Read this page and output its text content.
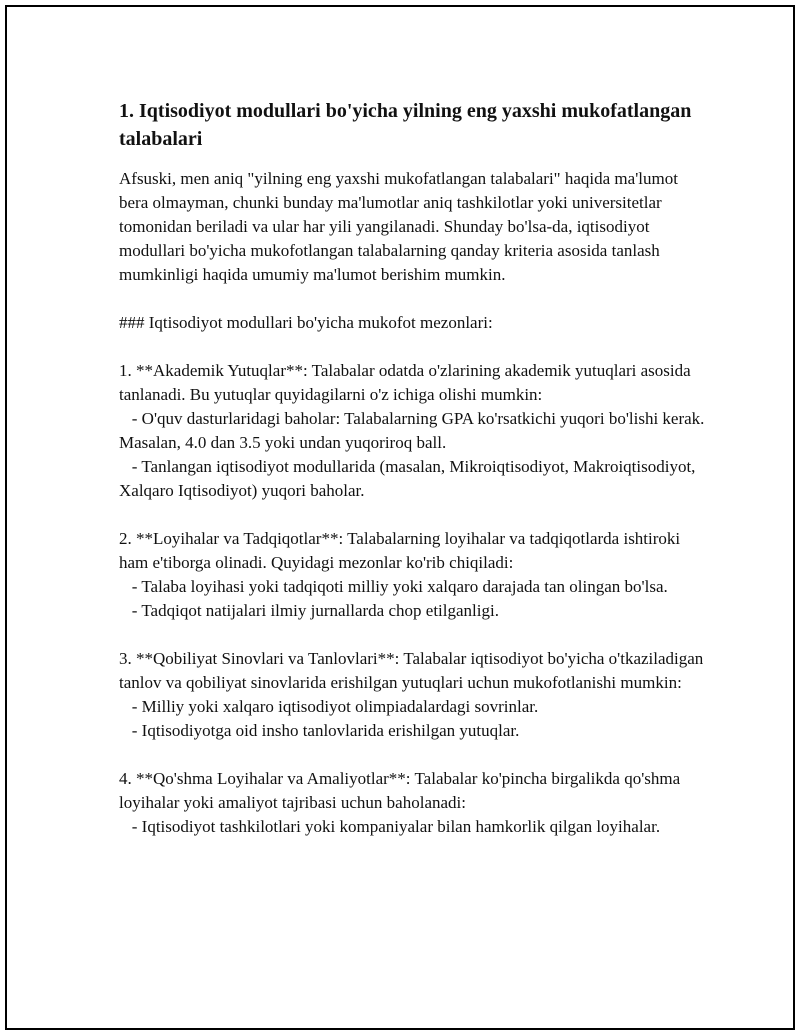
1. Iqtisodiyot modullari bo'yicha yilning eng yaxshi mukofatlangan talabalari

Afsuski, men aniq "yilning eng yaxshi mukofatlangan talabalari" haqida ma'lumot bera olmayman, chunki bunday ma'lumotlar aniq tashkilotlar yoki universitetlar tomonidan beriladi va ular har yili yangilanadi. Shunday bo'lsa-da, iqtisodiyot modullari bo'yicha mukofotlangan talabalarning qanday kriteria asosida tanlash mumkinligi haqida umumiy ma'lumot berishim mumkin.

### Iqtisodiyot modullari bo'yicha mukofot mezonlari:

1. **Akademik Yutuqlar**: Talabalar odatda o'zlarining akademik yutuqlari asosida tanlanadi. Bu yutuqlar quyidagilarni o'z ichiga olishi mumkin:
- O'quv dasturlaridagi baholar: Talabalarning GPA ko'rsatkichi yuqori bo'lishi kerak. Masalan, 4.0 dan 3.5 yoki undan yuqoriroq ball.
- Tanlangan iqtisodiyot modullarida (masalan, Mikroiqtisodiyot, Makroiqtisodiyot, Xalqaro Iqtisodiyot) yuqori baholar.

2. **Loyihalar va Tadqiqotlar**: Talabalarning loyihalar va tadqiqotlarda ishtiroki ham e'tiborga olinadi. Quyidagi mezonlar ko'rib chiqiladi:
- Talaba loyihasi yoki tadqiqoti milliy yoki xalqaro darajada tan olingan bo'lsa.
- Tadqiqot natijalari ilmiy jurnallarda chop etilganligi.

3. **Qobiliyat Sinovlari va Tanlovlari**: Talabalar iqtisodiyot bo'yicha o'tkaziladigan tanlov va qobiliyat sinovlarida erishilgan yutuqlari uchun mukofotlanishi mumkin:
- Milliy yoki xalqaro iqtisodiyot olimpiadalardagi sovrinlar.
- Iqtisodiyotga oid insho tanlovlarida erishilgan yutuqlar.

4. **Qo'shma Loyihalar va Amaliyotlar**: Talabalar ko'pincha birgalikda qo'shma loyihalar yoki amaliyot tajribasi uchun baholanadi:
- Iqtisodiyot tashkilotlari yoki kompaniyalar bilan hamkorlik qilgan loyihalar.
